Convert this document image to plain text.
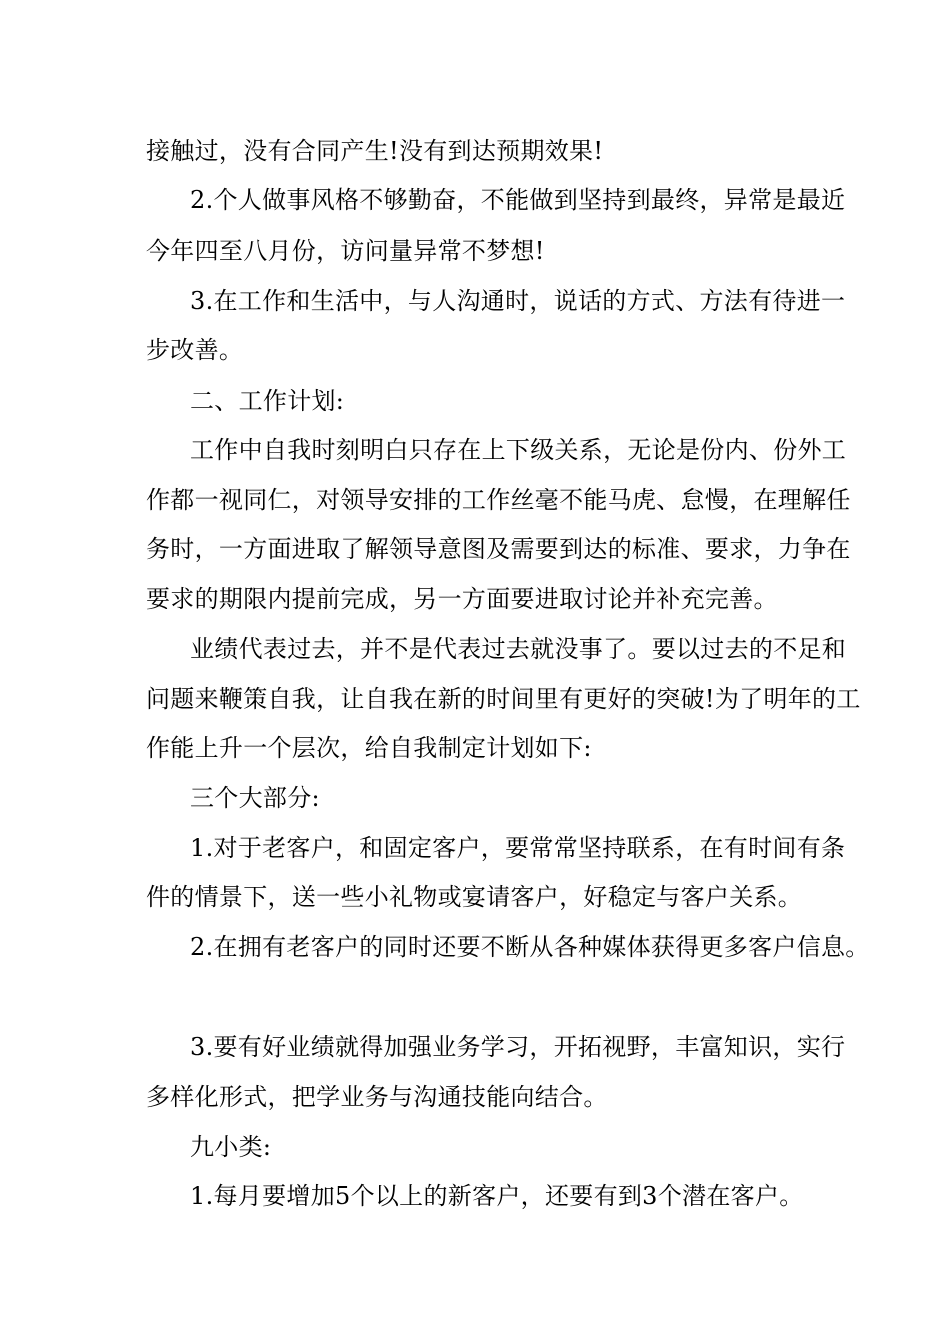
接触过，没有合同产生!没有到达预期效果!
2.个人做事风格不够勤奋，不能做到坚持到最终，异常是最近
今年四至八月份，访问量异常不梦想!
3.在工作和生活中，与人沟通时，说话的方式、方法有待进一
步改善。
二、工作计划:
工作中自我时刻明白只存在上下级关系，无论是份内、份外工
作都一视同仁，对领导安排的工作丝毫不能马虎、怠慢，在理解任
务时，一方面进取了解领导意图及需要到达的标准、要求，力争在
要求的期限内提前完成，另一方面要进取讨论并补充完善。
业绩代表过去，并不是代表过去就没事了。要以过去的不足和
问题来鞭策自我，让自我在新的时间里有更好的突破!为了明年的工
作能上升一个层次，给自我制定计划如下:
三个大部分:
1.对于老客户，和固定客户，要常常坚持联系，在有时间有条
件的情景下，送一些小礼物或宴请客户，好稳定与客户关系。
2.在拥有老客户的同时还要不断从各种媒体获得更多客户信息。
3.要有好业绩就得加强业务学习，开拓视野，丰富知识，实行
多样化形式，把学业务与沟通技能向结合。
九小类:
1.每月要增加5个以上的新客户，还要有到3个潜在客户。
